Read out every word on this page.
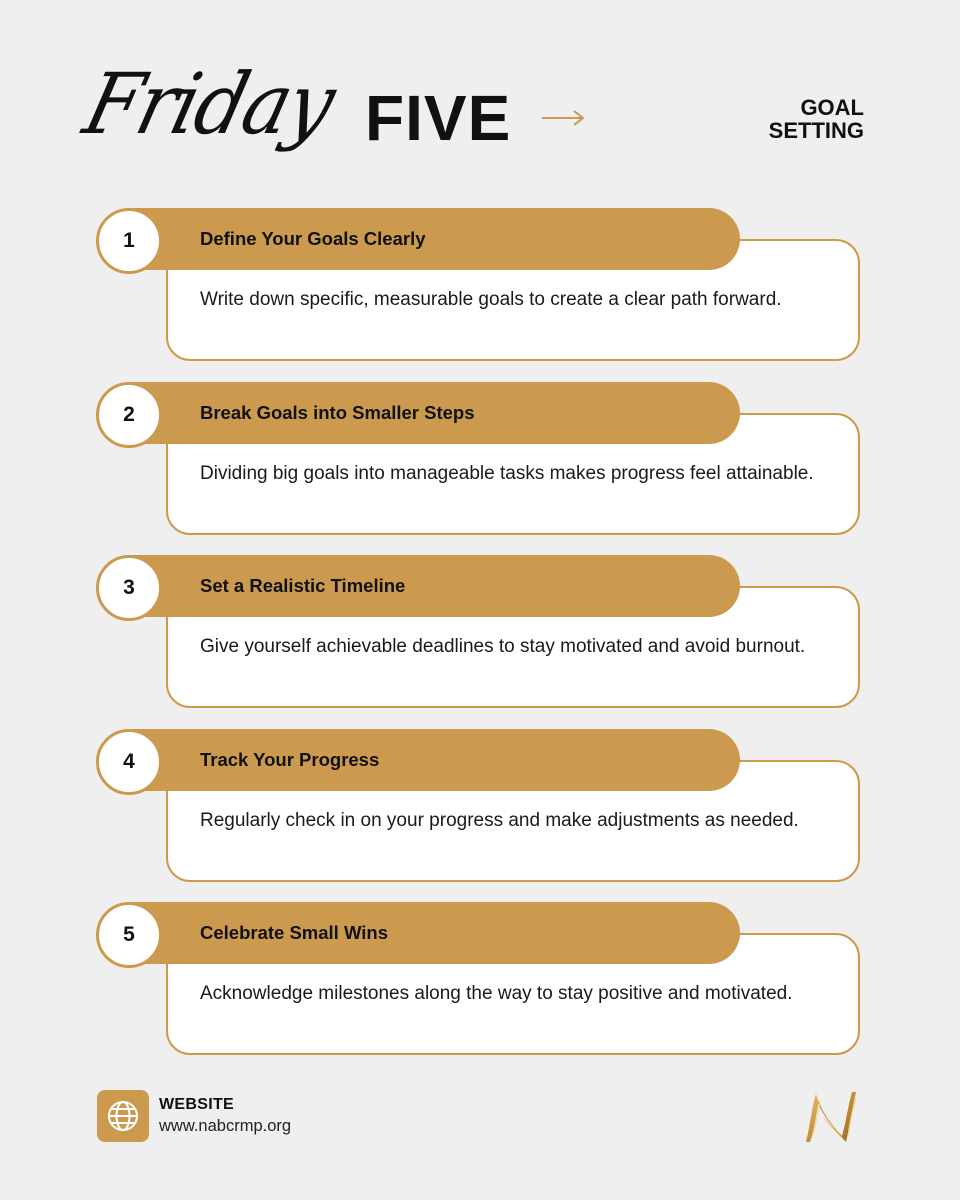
Friday FIVE	GOAL
SETTING
1	Define Your Goals Clearly
Write down specific, measurable goals to create a clear path forward.
2	Break Goals into Smaller Steps
Dividing big goals into manageable tasks makes progress feel attainable.
3	Set a Realistic Timeline
Give yourself achievable deadlines to stay motivated and avoid burnout.
4	Track Your Progress
Regularly check in on your progress and make adjustments as needed.
5	Celebrate Small Wins
Acknowledge milestones along the way to stay positive and motivated.
WEBSITE
www.nabcrmp.org
